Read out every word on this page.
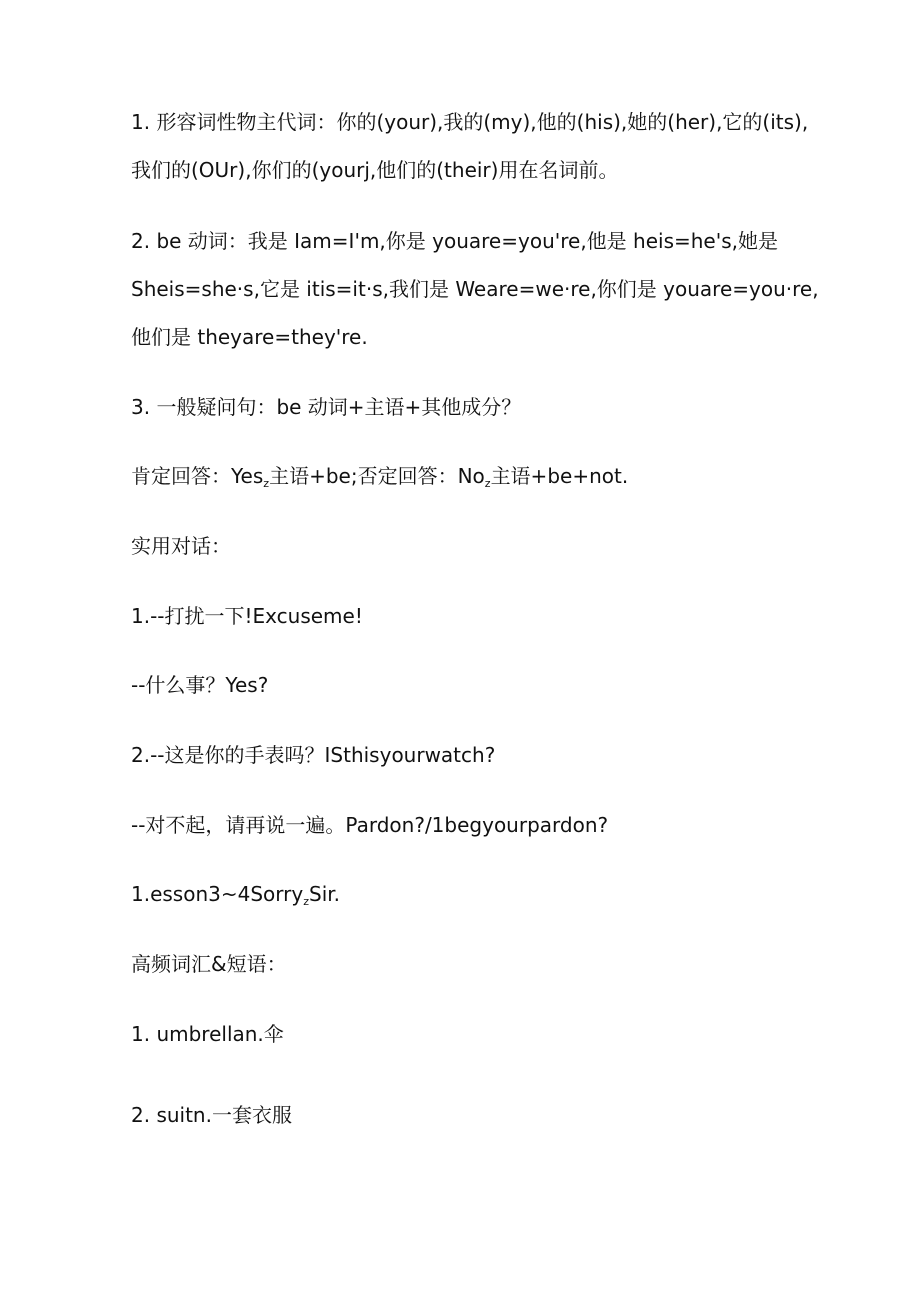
1. 形容词性物主代词：你的(your),我的(my),他的(his),她的(her),它的(its),
我们的(OUr),你们的(yourj,他们的(their)用在名词前。
2. be 动词：我是 Iam=I'm,你是 youare=you're,他是 heis=he's,她是
Sheis=she·s,它是 itis=it·s,我们是 Weare=we·re,你们是 youare=you·re,
他们是 theyare=they're.
3. 一般疑问句：be 动词+主语+其他成分？
肯定回答：Yes$_z$主语+be;否定回答：$No_z$主语+be+not.
实用对话：
1.--打扰一下!Excuseme!
--什么事？Yes?
2.--这是你的手表吗？ISthisyourwatch?
--对不起，请再说一遍。Pardon?/1begyourpardon?
1.esson3~4Sorry$_z$Sir.
高频词汇&短语：
1. umbrellan.伞
2. suitn.一套衣服
